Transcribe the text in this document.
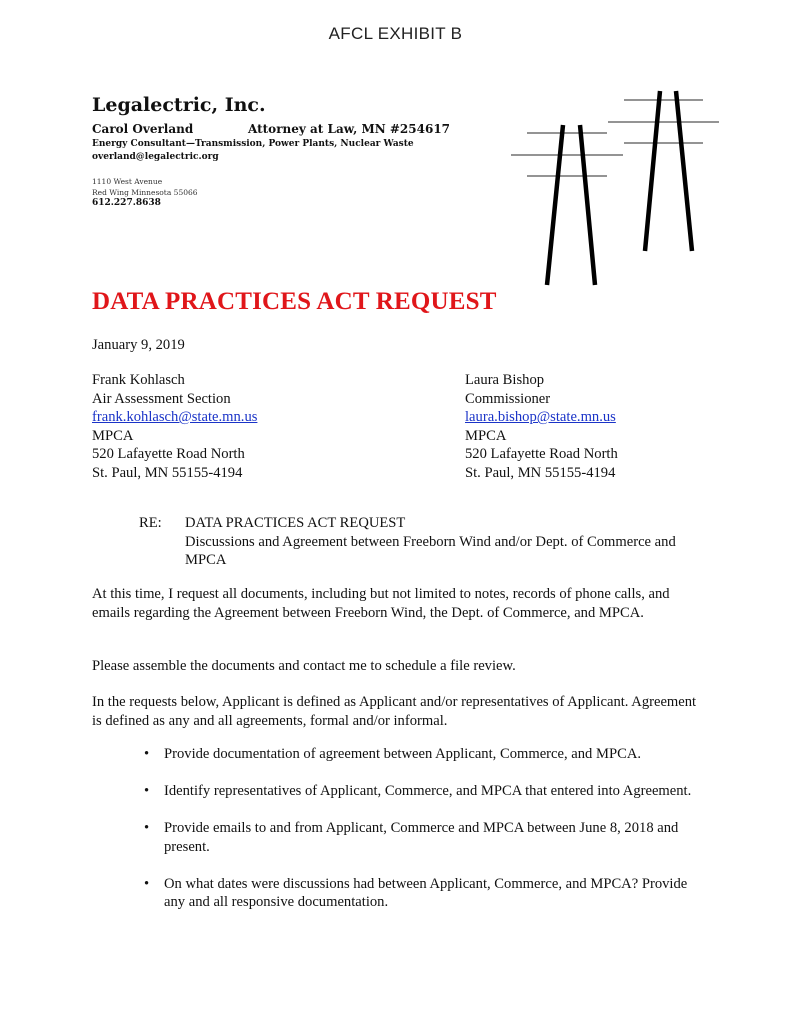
AFCL EXHIBIT B
Legalectric, Inc.
Carol Overland	Attorney at Law, MN #254617
Energy Consultant—Transmission, Power Plants, Nuclear Waste
overland@legalectric.org
1110 West Avenue
Red Wing Minnesota 55066
612.227.8638
DATA PRACTICES ACT REQUEST
January 9, 2019
Frank Kohlasch
Air Assessment Section
frank.kohlasch@state.mn.us
MPCA
520 Lafayette Road North
St. Paul, MN 55155-4194
Laura Bishop
Commissioner
laura.bishop@state.mn.us
MPCA
520 Lafayette Road North
St. Paul, MN 55155-4194
RE: DATA PRACTICES ACT REQUEST
Discussions and Agreement between Freeborn Wind and/or Dept. of Commerce and MPCA
At this time, I request all documents, including but not limited to notes, records of phone calls, and emails regarding the Agreement between Freeborn Wind, the Dept. of Commerce, and MPCA.
Please assemble the documents and contact me to schedule a file review.
In the requests below, Applicant is defined as Applicant and/or representatives of Applicant. Agreement is defined as any and all agreements, formal and/or informal.
• Provide documentation of agreement between Applicant, Commerce, and MPCA.
• Identify representatives of Applicant, Commerce, and MPCA that entered into Agreement.
• Provide emails to and from Applicant, Commerce and MPCA between June 8, 2018 and present.
• On what dates were discussions had between Applicant, Commerce, and MPCA? Provide any and all responsive documentation.
